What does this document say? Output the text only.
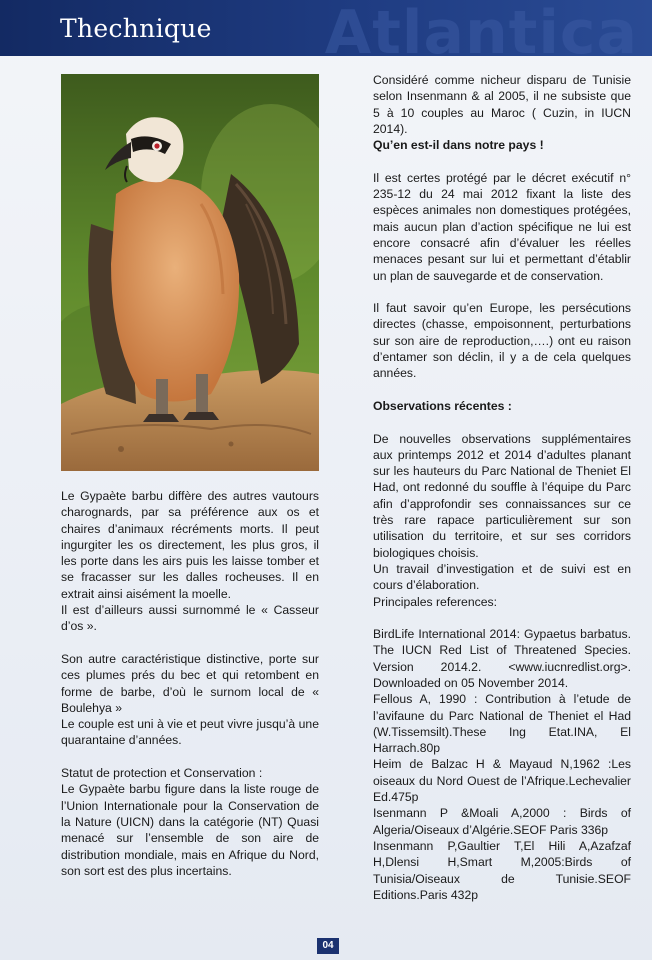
Thechnique Atlantica

Le Gypaète barbu diffère des autres vautours charognards, par sa préférence aux os et chaires d’animaux récréments morts. Il peut ingurgiter les os directement, les plus gros, il les porte dans les airs puis les laisse tomber et se fracasser sur les dalles rocheuses. Il en extrait ainsi aisément la moelle.

Il est d’ailleurs aussi surnommé le « Casseur d’os ».

Son autre caractéristique distinctive, porte sur ces plumes prés du bec et qui retombent en forme de barbe, d’où le surnom local de « Boulehya »

Le couple est uni à vie et peut vivre jusqu’à une quarantaine d’années.

Statut de protection et Conservation :

Le Gypaète barbu figure dans la liste rouge de l’Union Internationale pour la Conservation de la Nature (UICN) dans la catégorie (NT) Quasi menacé sur l’ensemble de son aire de distribution mondiale, mais en Afrique du Nord, son sort est des plus incertains.

Considéré comme nicheur disparu de Tunisie selon Insenmann & al 2005, il ne subsiste que 5 à 10 couples au Maroc ( Cuzin, in IUCN 2014).

Qu’en est-il dans notre pays !

Il est certes protégé par le décret exécutif n° 235-12 du 24 mai 2012 fixant la liste des espèces animales non domestiques protégées, mais aucun plan d’action spécifique ne lui est encore consacré afin d’évaluer les réelles menaces pesant sur lui et permettant d’établir un plan de sauvegarde et de conservation.

Il faut savoir qu’en Europe, les persécutions directes (chasse, empoisonnent, perturbations sur son aire de reproduction,….) ont eu raison d’entamer son déclin, il y a de cela quelques années.

Observations récentes :

De nouvelles observations supplémentaires aux printemps 2012 et 2014 d’adultes planant sur les hauteurs du Parc National de Theniet El Had, ont redonné du souffle à l’équipe du Parc afin d’approfondir ses connaissances sur ce très rare rapace particulièrement sur son utilisation du territoire, et sur ses corridors biologiques choisis.

Un travail d’investigation et de suivi est en cours d’élaboration.

Principales references:

BirdLife International 2014: Gypaetus barbatus. The IUCN Red List of Threatened Species. Version 2014.2. <www.iucnredlist.org>. Downloaded on 05 November 2014.

Fellous A, 1990 : Contribution à l’etude de l’avifaune du Parc National de Theniet el Had (W.Tissemsilt).These Ing Etat.INA, El Harrach.80p

Heim de Balzac H & Mayaud N,1962 :Les oiseaux du Nord Ouest de l’Afrique.Lechevalier Ed.475p

Isenmann P &Moali A,2000 : Birds of Algeria/Oiseaux d’Algérie.SEOF Paris 336p

Insenmann P,Gaultier T,El Hili A,Azafzaf H,Dlensi H,Smart M,2005:Birds of Tunisia/Oiseaux de Tunisie.SEOF Editions.Paris 432p

04
